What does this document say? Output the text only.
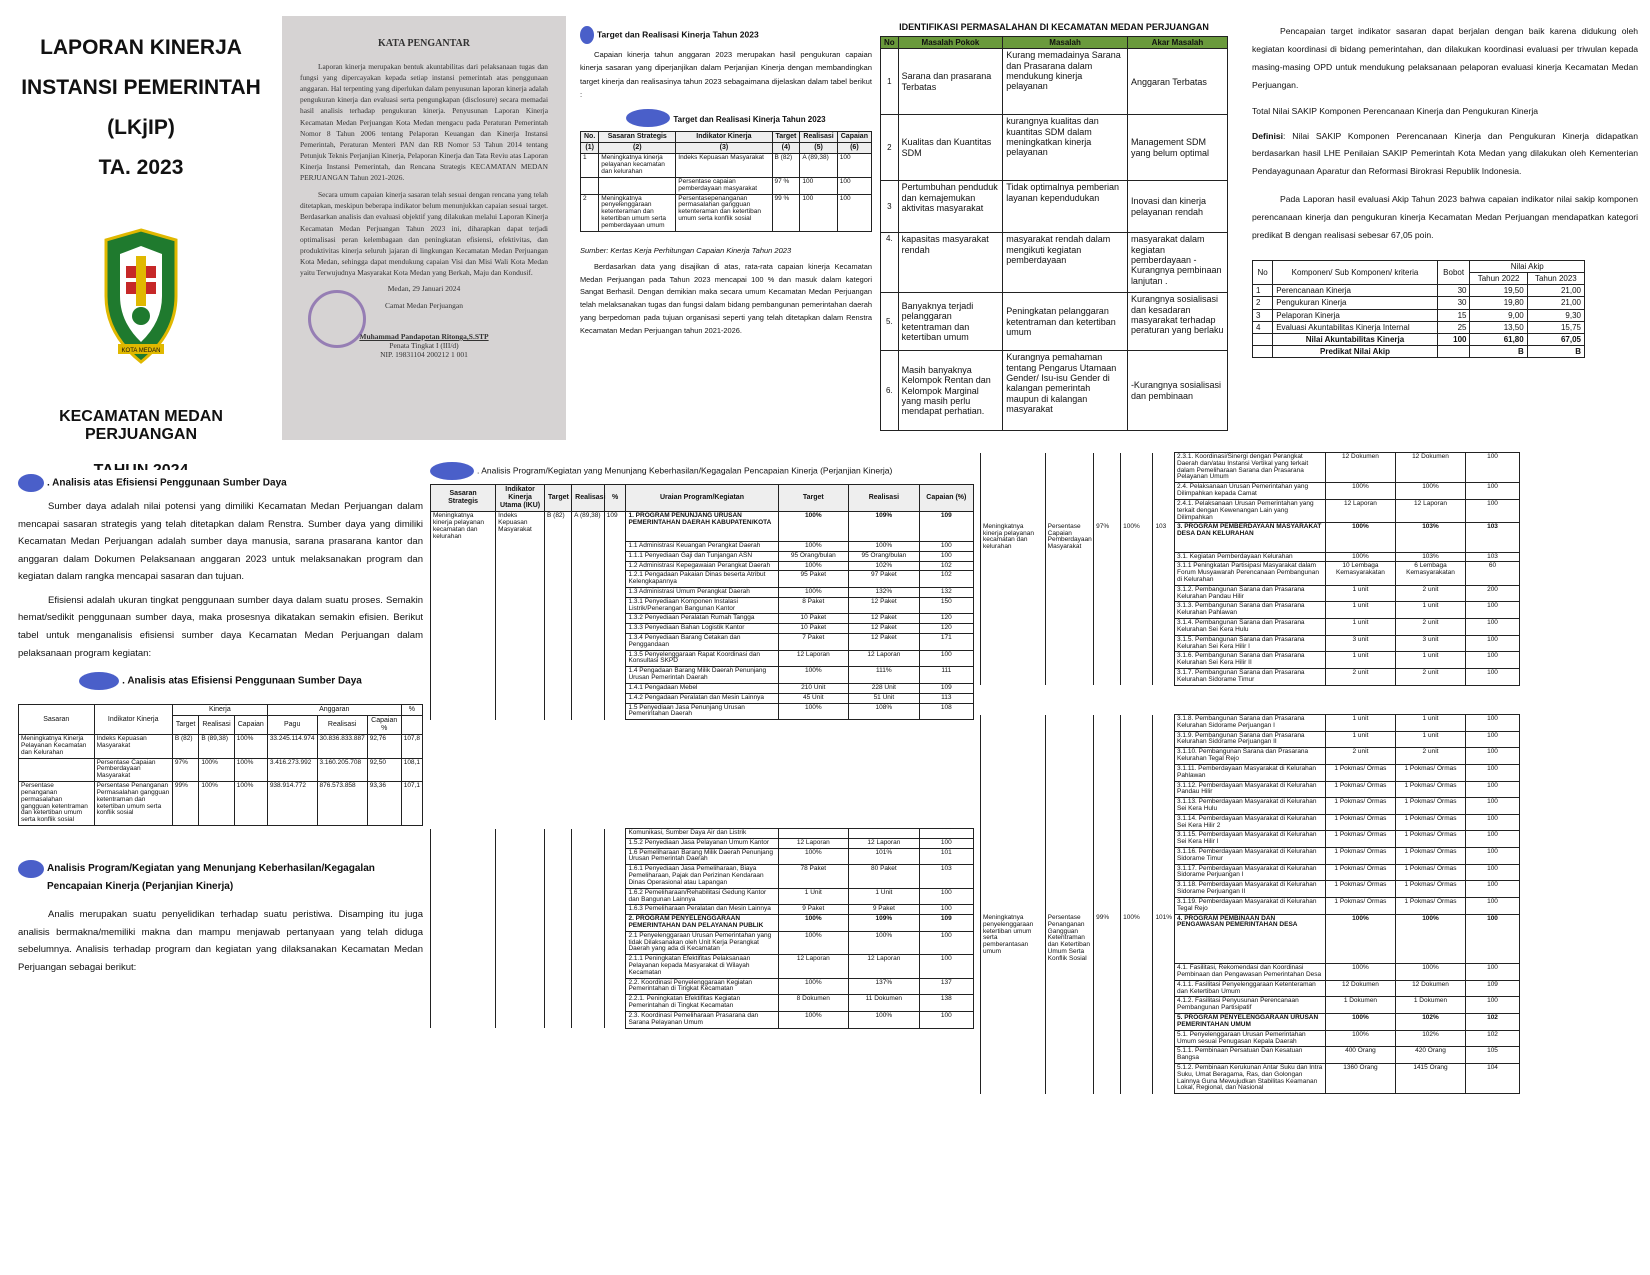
LAPORAN KINERJA
INSTANSI PEMERINTAH (LKjIP)
TA. 2023
KOTA MEDAN
KECAMATAN MEDAN PERJUANGAN
KATA PENGANTAR

Laporan kinerja merupakan bentuk akuntabilitas dari pelaksanaan tugas dan fungsi yang dipercayakan kepada setiap instansi pemerintah atas penggunaan anggaran. Hal terpenting yang diperlukan dalam penyusunan laporan kinerja adalah pengukuran kinerja dan evaluasi serta pengungkapan (disclosure) secara memadai hasil analisis terhadap pengukuran kinerja. Penyusunan Laporan Kinerja Kecamatan Medan Perjuangan Kota Medan mengacu pada Peraturan Pemerintah Nomor 8 Tahun 2006 tentang Pelaporan Keuangan dan Kinerja Instansi Pemerintah, Peraturan Menteri PAN dan RB Nomor 53 Tahun 2014 tentang Petunjuk Teknis Perjanjian Kinerja, Pelaporan Kinerja dan Tata Reviu atas Laporan Kinerja Instansi Pemerintah, dan Rencana Strategis KECAMATAN MEDAN PERJUANGAN Tahun 2021-2026.

Secara umum capaian kinerja sasaran telah sesuai dengan rencana yang telah ditetapkan, meskipun beberapa indikator belum menunjukkan capaian sesuai target. Berdasarkan analisis dan evaluasi objektif yang dilakukan melalui Laporan Kinerja Kecamatan Medan Perjuangan Tahun 2023 ini, diharapkan dapat terjadi optimalisasi peran kelembagaan dan peningkatan efisiensi, efektivitas, dan produktivitas kinerja seluruh jajaran di lingkungan Kecamatan Medan Perjuangan Kota Medan, sehingga dapat mendukung capaian Visi dan Misi Wali Kota Medan yaitu Terwujudnya Masyarakat Kota Medan yang Berkah, Maju dan Kondusif.

Medan, 29 Januari 2024
Camat Medan Perjuangan
Muhammad Pandapotan Ritonga,S.STP
Penata Tingkat I (III/d)
NIP. 19831104 200212 1 001
Target dan Realisasi Kinerja Tahun 2023
Capaian kinerja tahun anggaran 2023 merupakan hasil pengukuran capaian kinerja sasaran yang diperjanjikan dalam Perjanjian Kinerja dengan membandingkan target kinerja dan realisasinya tahun 2023 sebagaimana dijelaskan dalam tabel berikut :
Target dan Realisasi Kinerja Tahun 2023
No.	Sasaran Strategis	Indikator Kinerja	Target	Realisasi	Capaian
(1)	(2)	(3)	(4)	(5)	(6)
1	Meningkatnya kinerja pelayanan kecamatan dan kelurahan	Indeks Kepuasan Masyarakat	B (82)	A (89,38)	100
		Persentase capaian pemberdayaan masyarakat	97 %	100	100
2	Meningkatnya penyelenggaraan ketenteraman dan ketertiban umum serta pemberdayaan umum	Persentasepenanganan permasalahan gangguan ketenteraman dan ketertiban umum serta konflik sosial	99 %	100	100
Sumber: Kertas Kerja Perhitungan Capaian Kinerja Tahun 2023
Berdasarkan data yang disajikan di atas, rata-rata capaian kinerja Kecamatan Medan Perjuangan pada Tahun 2023 mencapai 100 % dan masuk dalam kategori Sangat Berhasil. Dengan demikian maka secara umum Kecamatan Medan Perjuangan telah melaksanakan tugas dan fungsi dalam bidang pembangunan pemerintahan daerah yang berpedoman pada tujuan organisasi seperti yang telah ditetapkan dalam Renstra Kecamatan Medan Perjuangan tahun 2021-2026.
IDENTIFIKASI PERMASALAHAN DI KECAMATAN MEDAN PERJUANGAN
No	Masalah Pokok	Masalah	Akar Masalah
1	Sarana dan prasarana Terbatas	Kurang memadainya Sarana dan Prasarana dalam mendukung kinerja pelayanan	Anggaran Terbatas
2	Kualitas dan Kuantitas SDM	kurangnya kualitas dan kuantitas SDM dalam meningkatkan kinerja pelayanan	Management SDM yang belum optimal
3	Pertumbuhan penduduk dan kemajemukan aktivitas masyarakat	Tidak optimalnya pemberian layanan kependudukan	Inovasi dan kinerja pelayanan rendah
4.	kapasitas masyarakat rendah	masyarakat rendah dalam mengikuti kegiatan pemberdayaan	masyarakat dalam kegiatan pemberdayaan - Kurangnya pembinaan lanjutan .
5.	Banyaknya terjadi pelanggaran ketentraman dan ketertiban umum	Peningkatan pelanggaran ketentraman dan ketertiban umum	Kurangnya sosialisasi dan kesadaran masyarakat terhadap peraturan yang berlaku
6.	Masih banyaknya Kelompok Rentan dan Kelompok Marginal yang masih perlu mendapat perhatian.	Kurangnya pemahaman tentang Pengarus Utamaan Gender/ Isu-isu Gender di kalangan pemerintah maupun di kalangan masyarakat	-Kurangnya sosialisasi dan pembinaan
Pencapaian target indikator sasaran dapat berjalan dengan baik karena didukung oleh kegiatan koordinasi di bidang pemerintahan, dan dilakukan koordinasi evaluasi per triwulan kepada masing-masing OPD untuk mendukung pelaksanaan pelaporan evaluasi kinerja Kecamatan Medan Perjuangan.
Total Nilai SAKIP Komponen Perencanaan Kinerja dan Pengukuran Kinerja
Definisi: Nilai SAKIP Komponen Perencanaan Kinerja dan Pengukuran Kinerja didapatkan berdasarkan hasil LHE Penilaian SAKIP Pemerintah Kota Medan yang dilakukan oleh Kementerian Pendayagunaan Aparatur dan Reformasi Birokrasi Republik Indonesia.
Pada Laporan hasil evaluasi Akip Tahun 2023 bahwa capaian indikator nilai sakip komponen perencanaan kinerja dan pengukuran kinerja Kecamatan Medan Perjuangan mendapatkan kategori predikat B dengan realisasi sebesar 67,05 poin.
No	Komponen/ Sub Komponen/ kriteria	Bobot	Nilai Akip	
			Tahun 2022	Tahun 2023
1	Perencanaan Kinerja	30	19,50	21,00
2	Pengukuran Kinerja	30	19,80	21,00
3	Pelaporan Kinerja	15	9,00	9,30
4	Evaluasi Akuntabilitas Kinerja Internal	25	13,50	15,75
	Nilai Akuntabilitas Kinerja	100	61,80	67,05
	Predikat Nilai Akip		B	B
. Analisis atas Efisiensi Penggunaan Sumber Daya
Sumber daya adalah nilai potensi yang dimiliki Kecamatan Medan Perjuangan dalam mencapai sasaran strategis yang telah ditetapkan dalam Renstra. Sumber daya yang dimiliki Kecamatan Medan Perjuangan adalah sumber daya manusia, sarana prasarana kantor dan anggaran dalam Dokumen Pelaksanaan anggaran 2023 untuk melaksanakan program dan kegiatan dalam rangka mencapai sasaran dan tujuan.
Efisiensi adalah ukuran tingkat penggunaan sumber daya dalam suatu proses. Semakin hemat/sedikit penggunaan sumber daya, maka prosesnya dikatakan semakin efisien. Berikut tabel untuk menganalisis efisiensi sumber daya Kecamatan Medan Perjuangan dalam pelaksanaan program kegiatan:
. Analisis atas Efisiensi Penggunaan Sumber Daya
Sasaran	Indikator Kinerja	Kinerja			Anggaran			%
		Target	Realisasi	Capaian	Pagu	Realisasi	Capaian %	
Meningkatnya Kinerja Pelayanan Kecamatan dan Kelurahan	Indeks Kepuasan Masyarakat	B (82)	B (89,38)	100%	33.245.114.974	30.836.833.887	92,76	107,8
	Persentase Capaian Pemberdayaan Masyarakat	97%	100%	100%	3.416.273.992	3.160.205.708	92,50	108,1
Persentase penanganan permasalahan gangguan ketentraman dan ketertiban umum serta konflik sosial	Persentase Penanganan Permasalahan gangguan ketentraman dan ketertiban umum serta konflik sosial	99%	100%	100%	938.914.772	876.573.858	93,36	107,1
Analisis Program/Kegiatan yang Menunjang Keberhasilan/Kegagalan Pencapaian Kinerja (Perjanjian Kinerja)
Analis merupakan suatu penyelidikan terhadap suatu peristiwa. Disamping itu juga analisis bermakna/memiliki makna dan mampu menjawab pertanyaan yang telah diduga sebelumnya. Analisis terhadap program dan kegiatan yang dilaksanakan Kecamatan Medan Perjuangan sebagai berikut:
. Analisis Program/Kegiatan yang Menunjang Keberhasilan/Kegagalan Pencapaian Kinerja (Perjanjian Kinerja)
Sasaran Strategis	Indikator Kinerja Utama (IKU)	Target	Realisasi	%	Uraian Program/Kegiatan	Target	Realisasi	Capaian (%)
Meningkatnya kinerja pelayanan kecamatan dan kelurahan	Indeks Kepuasan Masyarakat	B (82)	A (89,38)	109	1. PROGRAM PENUNJANG URUSAN PEMERINTAHAN DAERAH KABUPATEN/KOTA	100%	109%	109
					1.1 Administrasi Keuangan Perangkat Daerah	100%	100%	100
					1.1.1 Penyediaan Gaji dan Tunjangan ASN	95 Orang/bulan	95 Orang/bulan	100
					1.2 Administrasi Kepegawaian Perangkat Daerah	100%	102%	102
					1.2.1 Pengadaan Pakaian Dinas beserta Atribut Kelengkapannya	95 Paket	97 Paket	102
					1.3 Administrasi Umum Perangkat Daerah	100%	132%	132
					1.3.1 Penyediaan Komponen Instalasi Listrik/Penerangan Bangunan Kantor	8 Paket	12 Paket	150
					1.3.2 Penyediaan Peralatan Rumah Tangga	10 Paket	12 Paket	120
					1.3.3 Penyediaan Bahan Logistik Kantor	10 Paket	12 Paket	120
					1.3.4 Penyediaan Barang Cetakan dan Penggandaan	7 Paket	12 Paket	171
					1.3.5 Penyelenggaraan Rapat Koordinasi dan Konsultasi SKPD	12 Laporan	12 Laporan	100
					1.4 Pengadaan Barang Milik Daerah Penunjang Urusan Pemerintah Daerah	100%	111%	111
					1.4.1 Pengadaan Mebel	210 Unit	228 Unit	109
					1.4.2 Pengadaan Peralatan dan Mesin Lainnya	45 Unit	51 Unit	113
					1.5 Penyediaan Jasa Penunjang Urusan Pemerintahan Daerah	100%	108%	108
					Komunikasi, Sumber Daya Air dan Listrik			
					1.5.2 Penyediaan Jasa Pelayanan Umum Kantor	12 Laporan	12 Laporan	100
					1.6 Pemeliharaan Barang Milik Daerah Penunjang Urusan Pemerintah Daerah	100%	101%	101
					1.6.1 Penyediaan Jasa Pemeliharaan, Biaya Pemeliharaan, Pajak dan Perizinan Kendaraan Dinas Operasional atau Lapangan	78 Paket	80 Paket	103
					1.6.2 Pemeliharaan/Rehabilitasi Gedung Kantor dan Bangunan Lainnya	1 Unit	1 Unit	100
					1.6.3 Pemeliharaan Peralatan dan Mesin Lainnya	9 Paket	9 Paket	100
					2. PROGRAM PENYELENGGARAAN PEMERINTAHAN DAN PELAYANAN PUBLIK	100%	109%	109
					2.1 Penyelenggaraan Urusan Pemerintahan yang tidak Dilaksanakan oleh Unit Kerja Perangkat Daerah yang ada di Kecamatan	100%	100%	100
					2.1.1 Peningkatan Efektifitas Pelaksanaan Pelayanan kepada Masyarakat di Wilayah Kecamatan	12 Laporan	12 Laporan	100
					2.2. Koordinasi Penyelenggaraan Kegiatan Pemerintahan di Tingkat Kecamatan	100%	137%	137
					2.2.1. Peningkatan Efektifitas Kegiatan Pemerintahan di Tingkat Kecamatan	8 Dokumen	11 Dokumen	138
					2.3. Koordinasi Pemeliharaan Prasarana dan Sarana Pelayanan Umum	100%	100%	100
					2.3.1. Koordinasi/Sinergi dengan Perangkat Daerah dan/atau Instansi Vertikal yang terkait dalam Pemeliharaan Sarana dan Prasarana Pelayanan Umum	12 Dokumen	12 Dokumen	100
					2.4. Pelaksanaan Urusan Pemerintahan yang Dilimpahkan kepada Camat	100%	100%	100
					2.4.1. Pelaksanaan Urusan Pemerintahan yang terkait dengan Kewenangan Lain yang Dilimpahkan	12 Laporan	12 Laporan	100
Meningkatnya kinerja pelayanan kecamatan dan kelurahan	Persentase Capaian Pemberdayaan Masyarakat	97%	100%	103	3. PROGRAM PEMBERDAYAAN MASYARAKAT DESA DAN KELURAHAN	100%	103%	103
					3.1. Kegiatan Pemberdayaan Kelurahan	100%	103%	103
					3.1.1 Peningkatan Partisipasi Masyarakat dalam Forum Musyawarah Perencanaan Pembangunan di Kelurahan	10 Lembaga Kemasyarakatan	6 Lembaga Kemasyarakatan	60
					3.1.2. Pembangunan Sarana dan Prasarana Kelurahan Pandau Hilir	1 unit	2 unit	200
					3.1.3. Pembangunan Sarana dan Prasarana Kelurahan Pahlawan	1 unit	1 unit	100
					3.1.4. Pembangunan Sarana dan Prasarana Kelurahan Sei Kera Hulu	1 unit	2 unit	100
					3.1.5. Pembangunan Sarana dan Prasarana Kelurahan Sei Kera Hilir I	3 unit	3 unit	100
					3.1.6. Pembangunan Sarana dan Prasarana Kelurahan Sei Kera Hilir II	1 unit	1 unit	100
					3.1.7. Pembangunan Sarana dan Prasarana Kelurahan Sidorame Timur	2 unit	2 unit	100
					3.1.8. Pembangunan Sarana dan Prasarana Kelurahan Sidorame Perjuangan I	1 unit	1 unit	100
					3.1.9. Pembangunan Sarana dan Prasarana Kelurahan Sidorame Perjuangan II	1 unit	1 unit	100
					3.1.10. Pembangunan Sarana dan Prasarana Kelurahan Tegal Rejo	2 unit	2 unit	100
					3.1.11. Pemberdayaan Masyarakat di Kelurahan Pahlawan	1 Pokmas/ Ormas	1 Pokmas/ Ormas	100
					3.1.12. Pemberdayaan Masyarakat di Kelurahan Pandau Hilir	1 Pokmas/ Ormas	1 Pokmas/ Ormas	100
					3.1.13. Pemberdayaan Masyarakat di Kelurahan Sei Kera Hulu	1 Pokmas/ Ormas	1 Pokmas/ Ormas	100
					3.1.14. Pemberdayaan Masyarakat di Kelurahan Sei Kera Hilir 2	1 Pokmas/ Ormas	1 Pokmas/ Ormas	100
					3.1.15. Pemberdayaan Masyarakat di Kelurahan Sei Kera Hilir I	1 Pokmas/ Ormas	1 Pokmas/ Ormas	100
					3.1.16. Pemberdayaan Masyarakat di Kelurahan Sidorame Timur	1 Pokmas/ Ormas	1 Pokmas/ Ormas	100
					3.1.17. Pemberdayaan Masyarakat di Kelurahan Sidorame Perjuangan I	1 Pokmas/ Ormas	1 Pokmas/ Ormas	100
					3.1.18. Pemberdayaan Masyarakat di Kelurahan Sidorame Perjuangan II	1 Pokmas/ Ormas	1 Pokmas/ Ormas	100
					3.1.19. Pemberdayaan Masyarakat di Kelurahan Tegal Rejo	1 Pokmas/ Ormas	1 Pokmas/ Ormas	100
Meningkatnya penyelenggaraan ketertiban umum serta pemberantasan umum	Persentase Penanganan Gangguan Ketentraman dan Ketertiban Umum Serta Konflik Sosial	99%	100%	101%	4. PROGRAM PEMBINAAN DAN PENGAWASAN PEMERINTAHAN DESA	100%	100%	100
					4.1. Fasilitasi, Rekomendasi dan Koordinasi Pembinaan dan Pengawasan Pemerintahan Desa	100%	100%	100
					4.1.1. Fasilitasi Penyelenggaraan Ketenteraman dan Ketertiban Umum	12 Dokumen	12 Dokumen	109
					4.1.2. Fasilitasi Penyusunan Perencanaan Pembangunan Partisipatif	1 Dokumen	1 Dokumen	100
					5. PROGRAM PENYELENGGARAAN URUSAN PEMERINTAHAN UMUM	100%	102%	102
					5.1. Penyelenggaraan Urusan Pemerintahan Umum sesuai Penugasan Kepala Daerah	100%	102%	102
					5.1.1. Pembinaan Persatuan Dan Kesatuan Bangsa	400 Orang	420 Orang	105
					5.1.2. Pembinaan Kerukunan Antar Suku dan Intra Suku, Umat Beragama, Ras, dan Golongan Lainnya Guna Mewujudkan Stabilitas Keamanan Lokal, Regional, dan Nasional	1360 Orang	1415 Orang	104
